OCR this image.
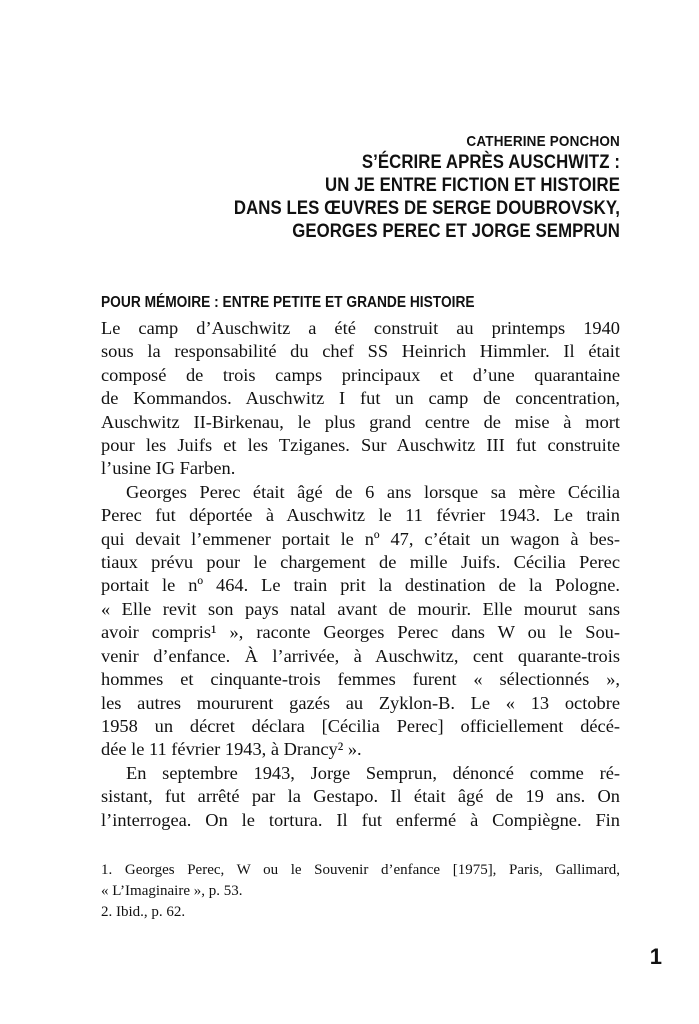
CATHERINE PONCHON
S’ÉCRIRE APRÈS AUSCHWITZ :
UN JE ENTRE FICTION ET HISTOIRE
DANS LES ŒUVRES DE SERGE DOUBROVSKY,
GEORGES PEREC ET JORGE SEMPRUN
POUR MÉMOIRE : ENTRE PETITE ET GRANDE HISTOIRE
Le camp d’Auschwitz a été construit au printemps 1940
sous la responsabilité du chef SS Heinrich Himmler. Il était
composé de trois camps principaux et d’une quarantaine
de Kommandos. Auschwitz I fut un camp de concentration,
Auschwitz II-Birkenau, le plus grand centre de mise à mort
pour les Juifs et les Tziganes. Sur Auschwitz III fut construite
l’usine IG Farben.
Georges Perec était âgé de 6 ans lorsque sa mère Cécilia
Perec fut déportée à Auschwitz le 11 février 1943. Le train
qui devait l’emmener portait le nº 47, c’était un wagon à bes-
tiaux prévu pour le chargement de mille Juifs. Cécilia Perec
portait le nº 464. Le train prit la destination de la Pologne.
« Elle revit son pays natal avant de mourir. Elle mourut sans
avoir compris¹ », raconte Georges Perec dans W ou le Sou-
venir d’enfance. À l’arrivée, à Auschwitz, cent quarante-trois
hommes et cinquante-trois femmes furent « sélectionnés »,
les autres moururent gazés au Zyklon-B. Le « 13 octobre
1958 un décret déclara [Cécilia Perec] officiellement décé-
dée le 11 février 1943, à Drancy² ».
En septembre 1943, Jorge Semprun, dénoncé comme ré-
sistant, fut arrêté par la Gestapo. Il était âgé de 19 ans. On
l’interrogea. On le tortura. Il fut enfermé à Compiègne. Fin
1. Georges Perec, W ou le Souvenir d’enfance [1975], Paris, Gallimard,
« L’Imaginaire », p. 53.
2. Ibid., p. 62.
1
